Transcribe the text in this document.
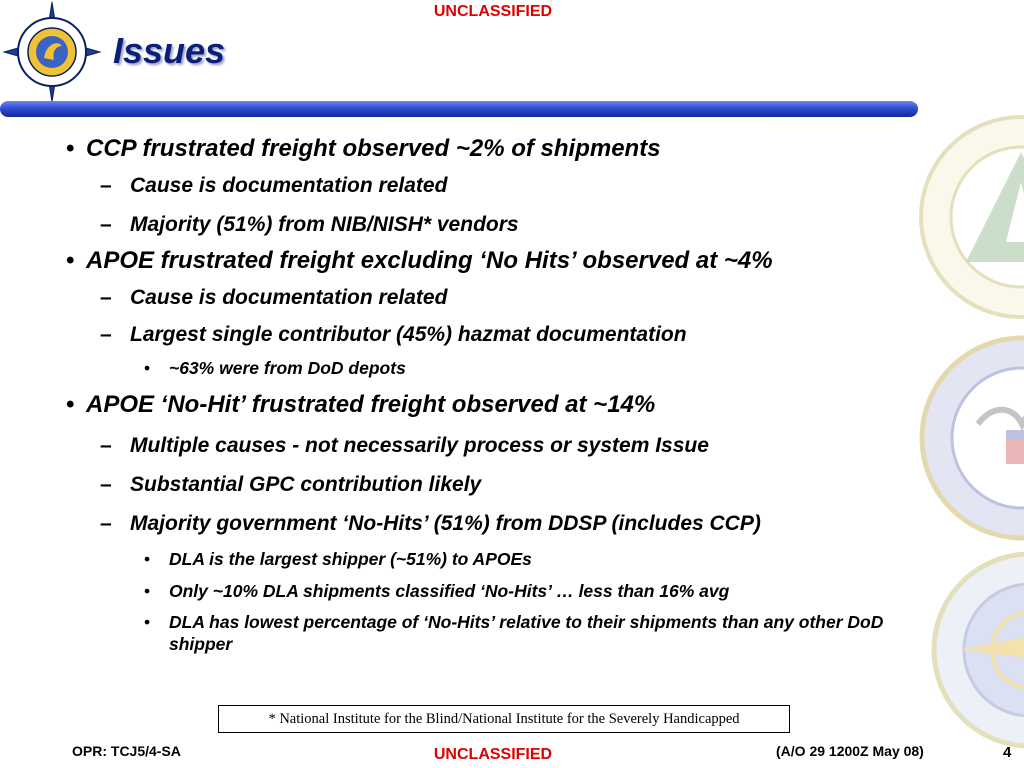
UNCLASSIFIED
Issues

• CCP frustrated freight observed ~2% of shipments

– Cause is documentation related

– Majority (51%) from NIB/NISH* vendors

• APOE frustrated freight excluding ‘No Hits’ observed at ~4%

– Cause is documentation related

– Largest single contributor (45%) hazmat documentation

• ~63% were from DoD depots

• APOE ‘No-Hit’ frustrated freight observed at ~14%

– Multiple causes - not necessarily process or system Issue

– Substantial GPC contribution likely

– Majority government ‘No-Hits’ (51%) from DDSP (includes CCP)

• DLA is the largest shipper (~51%) to APOEs

• Only ~10% DLA shipments classified ‘No-Hits’ … less than 16% avg

• DLA has lowest percentage of ‘No-Hits’ relative to their shipments than any other DoD shipper

* National Institute for the Blind/National Institute for the Severely Handicapped
OPR: TCJ5/4-SA	UNCLASSIFIED	(A/O 29 1200Z May 08)	4
